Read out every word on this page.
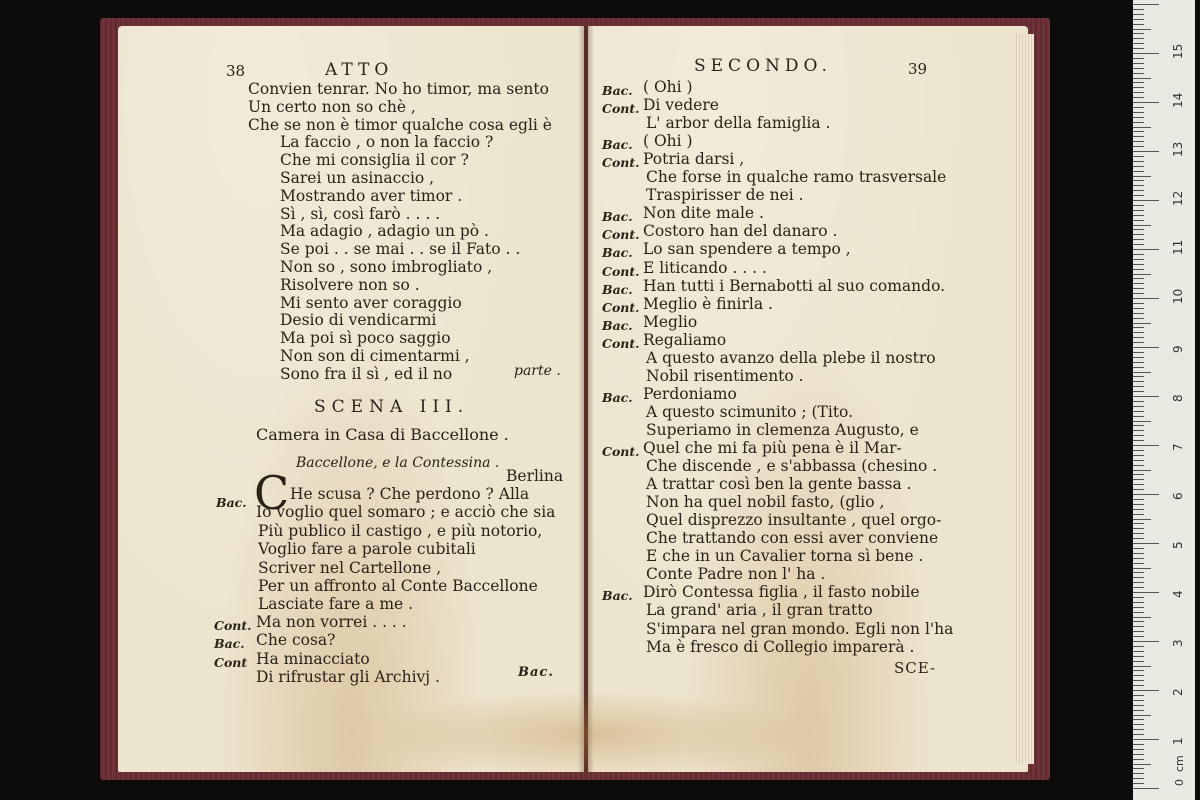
38	ATTO
Convien tenrar. No ho timor, ma sento
Un certo non so chè ,
Che se non è timor qualche cosa egli è
La faccio , o non la faccio ?
Che mi consiglia il cor ?
Sarei un asinaccio ,
Mostrando aver timor .
Sì , sì, così farò . . . .
Ma adagio , adagio un pò .
Se poi . . se mai . . se il Fato . .
Non so , sono imbrogliato ,
Risolvere non so .
Mi sento aver coraggio
Desio di vendicarmi
Ma poi sì poco saggio
Non son di cimentarmi ,
Sono fra il sì , ed il no	parte .
SCENA III.
Camera in Casa di Baccellone .
Baccellone, e la Contessina .
Bac. C	Berlina
He scusa ? Che perdono ? Alla
Io voglio quel somaro ; e acciò che sia
Più publico il castigo , e più notorio,
Voglio fare a parole cubitali
Scriver nel Cartellone ,
Per un affronto al Conte Baccellone
Lasciate fare a me .
Cont. Ma non vorrei . . . .
Bac. Che cosa?
Cont Ha minacciato
Di rifrustar gli Archivj .	Bac.
SECONDO.	39
Bac. ( Ohi )
Cont. Di vedere
L' arbor della famiglia .
Bac. ( Ohi )
Cont. Potria darsi ,
Che forse in qualche ramo trasversale
Traspirisser de nei .
Bac. Non dite male .
Cont. Costoro han del danaro .
Bac. Lo san spendere a tempo ,
Cont. E liticando . . . .
Bac. Han tutti i Bernabotti al suo comando.
Cont. Meglio è finirla .
Bac. Meglio
Cont. Regaliamo
A questo avanzo della plebe il nostro
Nobil risentimento .
Bac. Perdoniamo
A questo scimunito ; (Tito.
Superiamo in clemenza Augusto, e
Cont. Quel che mi fa più pena è il Mar-
Che discende , e s'abbassa (chesino .
A trattar così ben la gente bassa .
Non ha quel nobil fasto, (glio ,
Quel disprezzo insultante , quel orgo-
Che trattando con essi aver conviene
E che in un Cavalier torna sì bene .
Conte Padre non l' ha .
Bac. Dirò Contessa figlia , il fasto nobile
La grand' aria , il gran tratto
S'impara nel gran mondo. Egli non l'ha
Ma è fresco di Collegio imparerà .
SCE-
1
2
3
4
5
6
7
8
9
10
11
12
13
14
15
0
cm
